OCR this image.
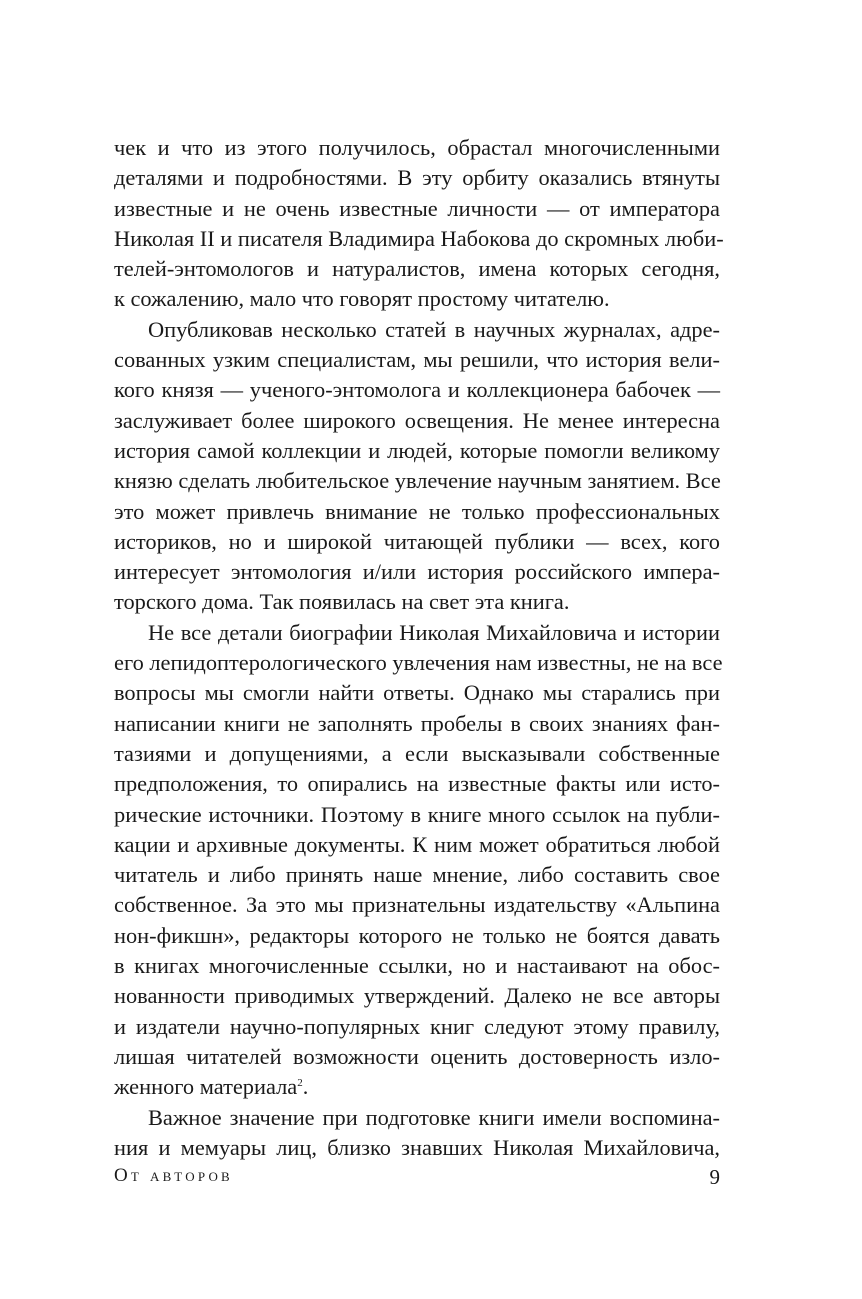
чек и что из этого получилось, обрастал многочисленными
деталями и подробностями. В эту орбиту оказались втянуты
известные и не очень известные личности — от императора
Николая II и писателя Владимира Набокова до скромных люби-
телей-энтомологов и натуралистов, имена которых сегодня,
к сожалению, мало что говорят простому читателю.
Опубликовав несколько статей в научных журналах, адре-
сованных узким специалистам, мы решили, что история вели-
кого князя — ученого-энтомолога и коллекционера бабочек —
заслуживает более широкого освещения. Не менее интересна
история самой коллекции и людей, которые помогли великому
князю сделать любительское увлечение научным занятием. Все
это может привлечь внимание не только профессиональных
историков, но и широкой читающей публики — всех, кого
интересует энтомология и/или история российского импера-
торского дома. Так появилась на свет эта книга.
Не все детали биографии Николая Михайловича и истории
его лепидоптерологического увлечения нам известны, не на все
вопросы мы смогли найти ответы. Однако мы старались при
написании книги не заполнять пробелы в своих знаниях фан-
тазиями и допущениями, а если высказывали собственные
предположения, то опирались на известные факты или исто-
рические источники. Поэтому в книге много ссылок на публи-
кации и архивные документы. К ним может обратиться любой
читатель и либо принять наше мнение, либо составить свое
собственное. За это мы признательны издательству «Альпина
нон-фикшн», редакторы которого не только не боятся давать
в книгах многочисленные ссылки, но и настаивают на обос-
нованности приводимых утверждений. Далеко не все авторы
и издатели научно-популярных книг следуют этому правилу,
лишая читателей возможности оценить достоверность изло-
женного материала$^2$.
Важное значение при подготовке книги имели воспомина-
ния и мемуары лиц, близко знавших Николая Михайловича,
От авторов	9
